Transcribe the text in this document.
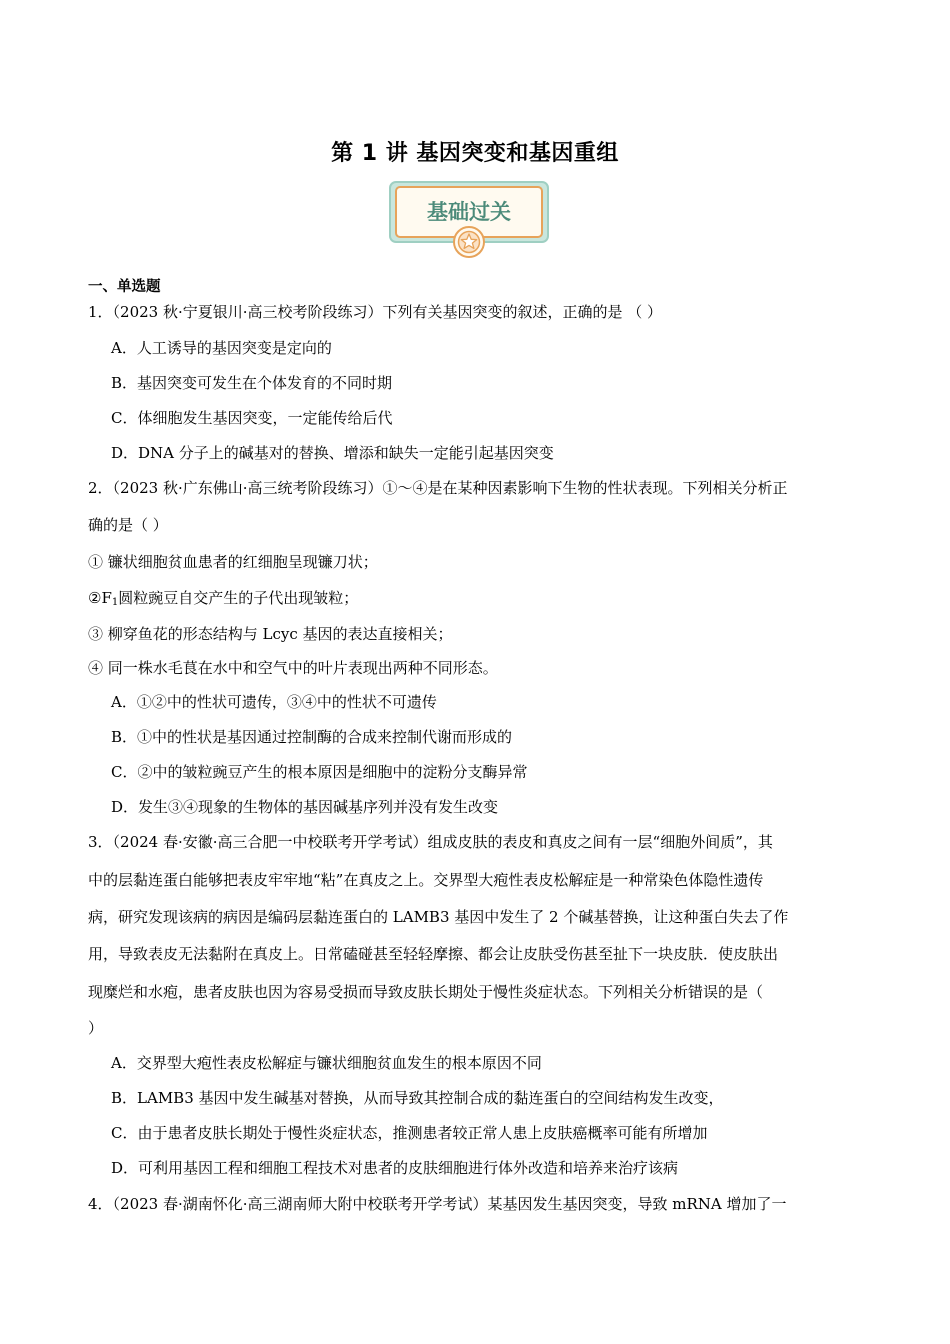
第 1 讲 基因突变和基因重组
基础过关
一、单选题
1．（2023 秋·宁夏银川·高三校考阶段练习）下列有关基因突变的叙述，正确的是 （ ）
A．人工诱导的基因突变是定向的
B．基因突变可发生在个体发育的不同时期
C．体细胞发生基因突变，一定能传给后代
D．DNA 分子上的碱基对的替换、增添和缺失一定能引起基因突变
2．（2023 秋·广东佛山·高三统考阶段练习）①～④是在某种因素影响下生物的性状表现。下列相关分析正
确的是（ ）
① 镰状细胞贫血患者的红细胞呈现镰刀状；
$②F_1$圆粒豌豆自交产生的子代出现皱粒；
③ 柳穿鱼花的形态结构与 Lcyc 基因的表达直接相关；
④ 同一株水毛茛在水中和空气中的叶片表现出两种不同形态。
A．①②中的性状可遗传，③④中的性状不可遗传
B．①中的性状是基因通过控制酶的合成来控制代谢而形成的
C．②中的皱粒豌豆产生的根本原因是细胞中的淀粉分支酶异常
D．发生③④现象的生物体的基因碱基序列并没有发生改变
3．（2024 春·安徽·高三合肥一中校联考开学考试）组成皮肤的表皮和真皮之间有一层“细胞外间质”，其
中的层黏连蛋白能够把表皮牢牢地“粘”在真皮之上。交界型大疱性表皮松解症是一种常染色体隐性遗传
病，研究发现该病的病因是编码层黏连蛋白的 LAMB3 基因中发生了 2 个碱基替换，让这种蛋白失去了作
用，导致表皮无法黏附在真皮上。日常磕碰甚至轻轻摩擦、都会让皮肤受伤甚至扯下一块皮肤．使皮肤出
现糜烂和水疱，患者皮肤也因为容易受损而导致皮肤长期处于慢性炎症状态。下列相关分析错误的是（
）
A．交界型大疱性表皮松解症与镰状细胞贫血发生的根本原因不同
B．LAMB3 基因中发生碱基对替换，从而导致其控制合成的黏连蛋白的空间结构发生改变，
C．由于患者皮肤长期处于慢性炎症状态，推测患者较正常人患上皮肤癌概率可能有所增加
D．可利用基因工程和细胞工程技术对患者的皮肤细胞进行体外改造和培养来治疗该病
4．（2023 春·湖南怀化·高三湖南师大附中校联考开学考试）某基因发生基因突变，导致 mRNA 增加了一
